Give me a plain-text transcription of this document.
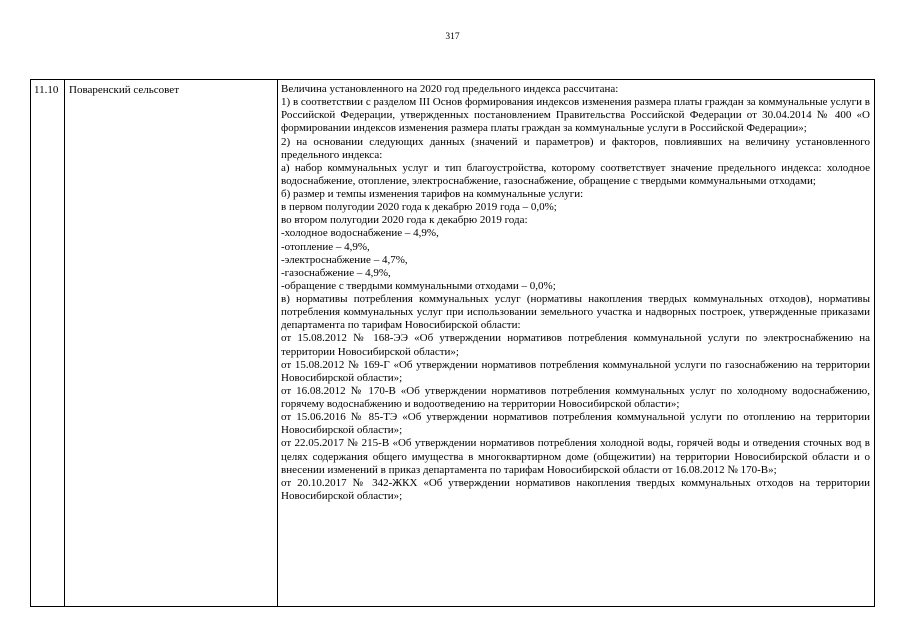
317
11.10 Поваренский сельсовет	Величина установленного на 2020 год предельного индекса рассчитана:

1) в соответствии с разделом III Основ формирования индексов изменения размера платы граждан за коммунальные услуги в Российской Федерации, утвержденных постановлением Правительства Российской Федерации от 30.04.2014 № 400 «О формировании индексов изменения размера платы граждан за коммунальные услуги в Российской Федерации»;

2) на основании следующих данных (значений и параметров) и факторов, повлиявших на величину установленного предельного индекса:

а) набор коммунальных услуг и тип благоустройства, которому соответствует значение предельного индекса: холодное водоснабжение, отопление, электроснабжение, газоснабжение, обращение с твердыми коммунальными отходами;

б) размер и темпы изменения тарифов на коммунальные услуги:

в первом полугодии 2020 года к декабрю 2019 года – 0,0%;

во втором полугодии 2020 года к декабрю 2019 года:

-холодное водоснабжение – 4,9%,

-отопление – 4,9%,

-электроснабжение – 4,7%,

-газоснабжение – 4,9%,

-обращение с твердыми коммунальными отходами – 0,0%;

в) нормативы потребления коммунальных услуг (нормативы накопления твердых коммунальных отходов), нормативы потребления коммунальных услуг при использовании земельного участка и надворных построек, утвержденные приказами департамента по тарифам Новосибирской области:

от 15.08.2012 № 168-ЭЭ «Об утверждении нормативов потребления коммунальной услуги по электроснабжению на территории Новосибирской области»;

от 15.08.2012 № 169-Г «Об утверждении нормативов потребления коммунальной услуги по газоснабжению на территории Новосибирской области»;

от 16.08.2012 № 170-В «Об утверждении нормативов потребления коммунальных услуг по холодному водоснабжению, горячему водоснабжению и водоотведению на территории Новосибирской области»;

от 15.06.2016 № 85-ТЭ «Об утверждении нормативов потребления коммунальной услуги по отоплению на территории Новосибирской области»;

от 22.05.2017 № 215-В «Об утверждении нормативов потребления холодной воды, горячей воды и отведения сточных вод в целях содержания общего имущества в многоквартирном доме (общежитии) на территории Новосибирской области и о внесении изменений в приказ департамента по тарифам Новосибирской области от 16.08.2012 № 170-В»;

от 20.10.2017 № 342-ЖКХ «Об утверждении нормативов накопления твердых коммунальных отходов на территории Новосибирской области»;
